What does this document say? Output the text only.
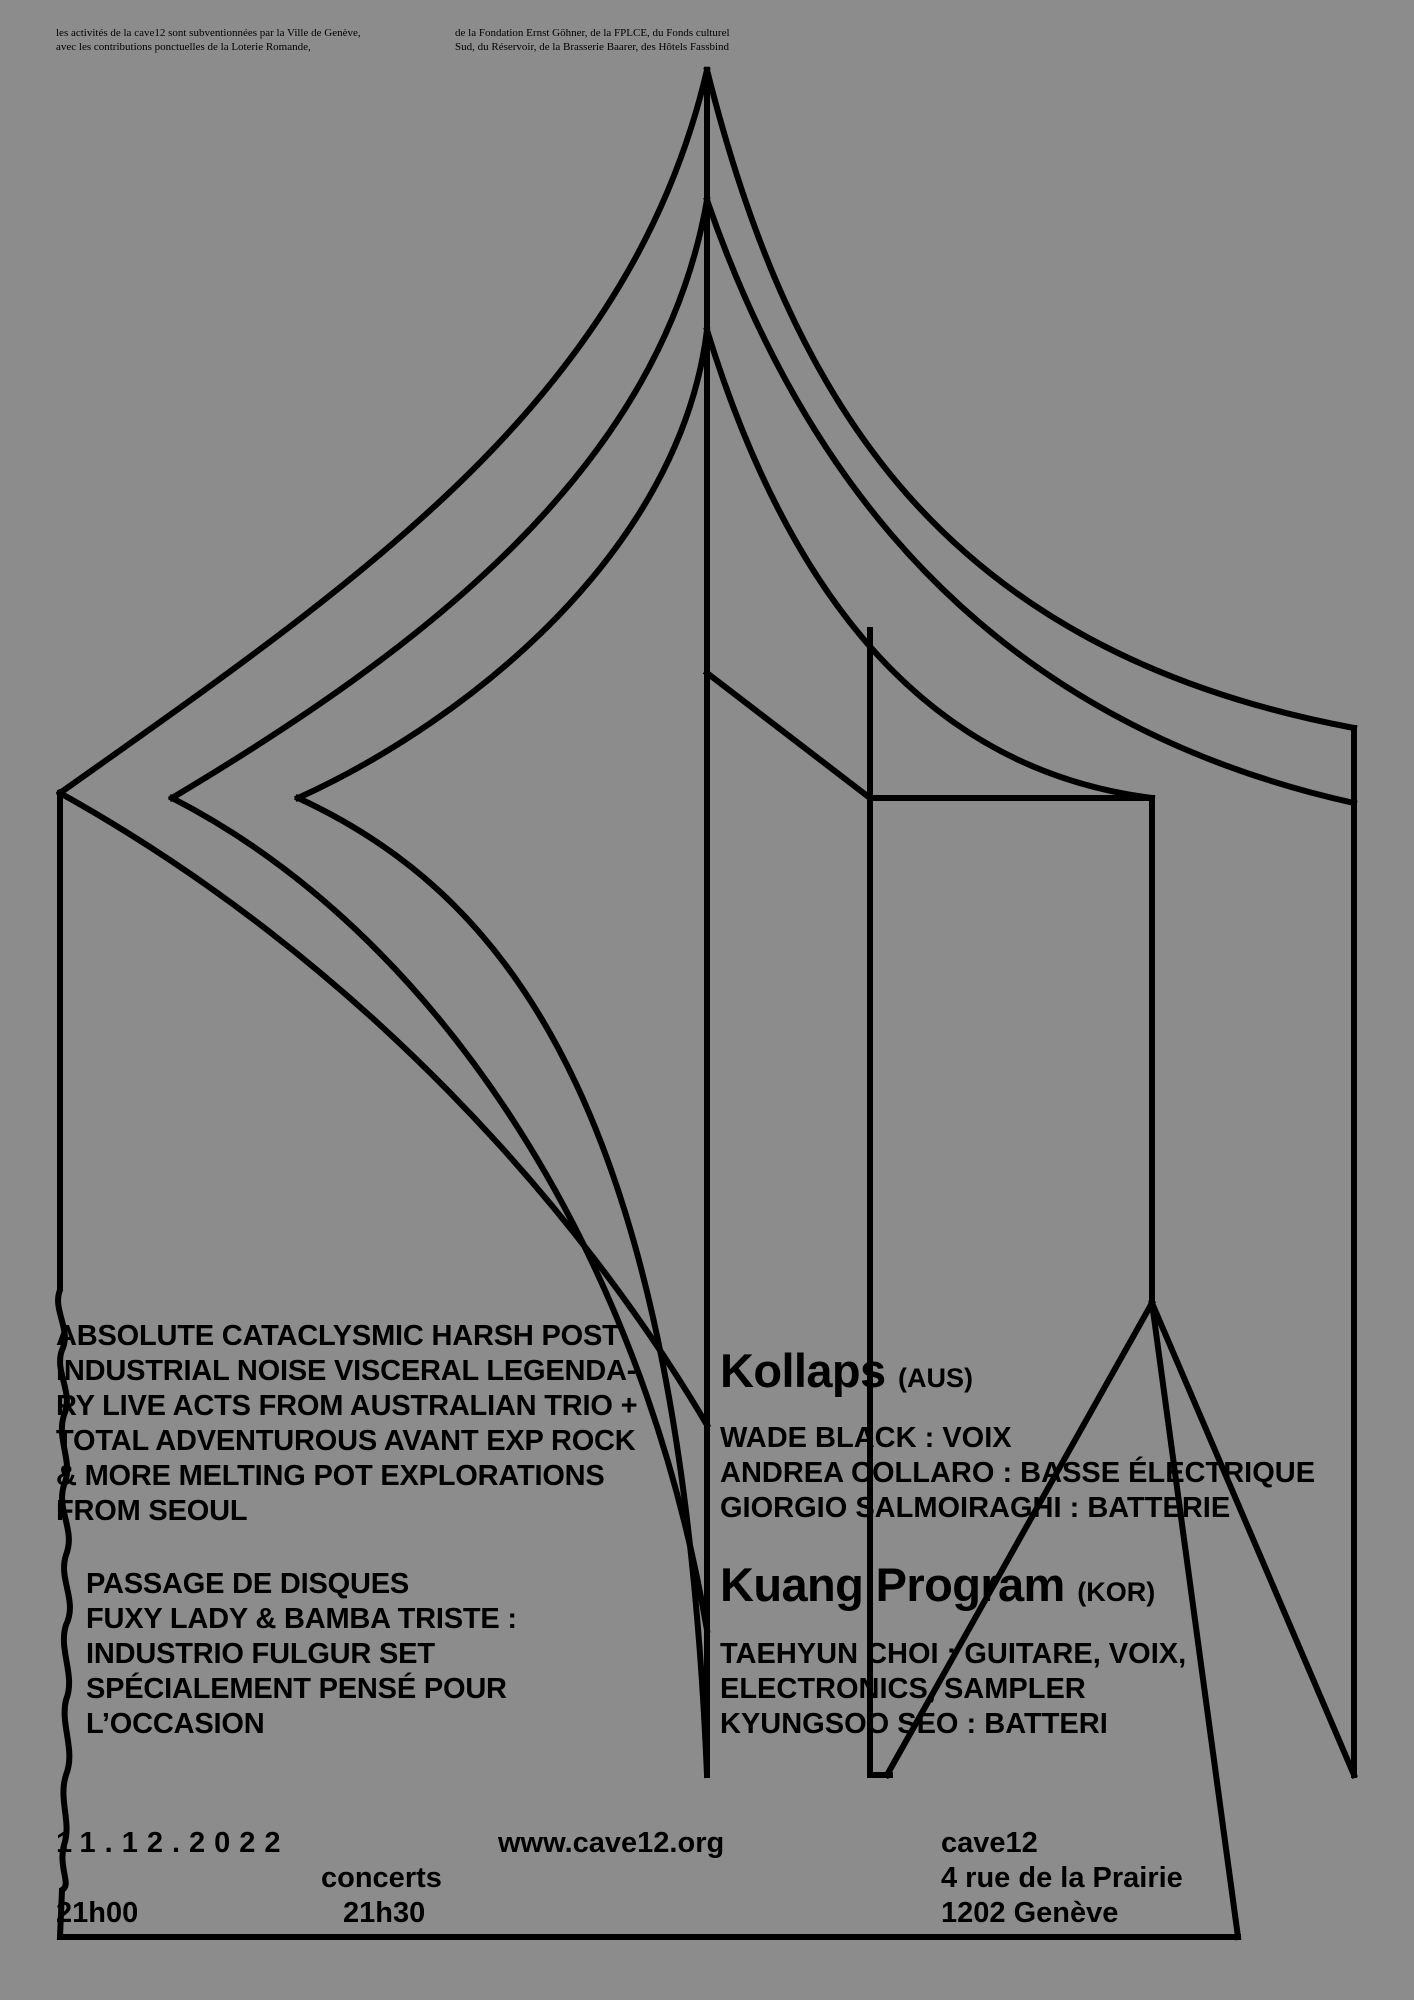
les activités de la cave12 sont subventionnées par la Ville de Genève,
avec les contributions ponctuelles de la Loterie Romande,
de la Fondation Ernst Göhner, de la FPLCE, du Fonds culturel
Sud, du Réservoir, de la Brasserie Baarer, des Hôtels Fassbind
ABSOLUTE CATACLYSMIC HARSH POST
INDUSTRIAL NOISE VISCERAL LEGENDA-
RY LIVE ACTS FROM AUSTRALIAN TRIO +
TOTAL ADVENTUROUS AVANT EXP ROCK
& MORE MELTING POT EXPLORATIONS
FROM SEOUL
PASSAGE DE DISQUES
FUXY LADY & BAMBA TRISTE :
INDUSTRIO FULGUR SET
SPÉCIALEMENT PENSÉ POUR
L’OCCASION
Kollaps (AUS)
WADE BLACK : VOIX
ANDREA COLLARO : BASSE ÉLECTRIQUE
GIORGIO SALMOIRAGHI : BATTERIE
Kuang Program (KOR)
TAEHYUN CHOI : GUITARE, VOIX,
ELECTRONICS, SAMPLER
KYUNGSOO SEO : BATTERI
11.12.2022
21h00
concerts
21h30
www.cave12.org	cave12
4 rue de la Prairie
1202 Genève
